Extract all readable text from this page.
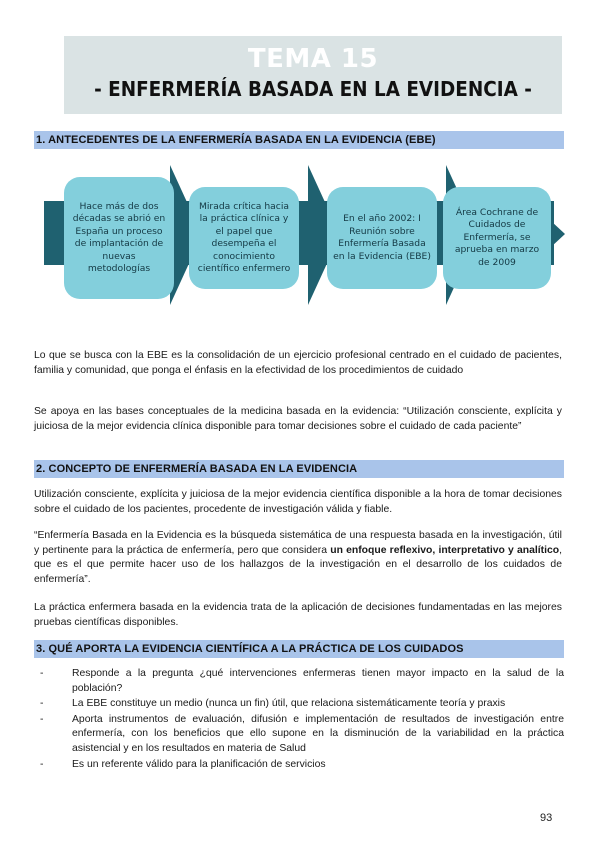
TEMA 15
- ENFERMERÍA BASADA EN LA EVIDENCIA -
1. ANTECEDENTES DE LA ENFERMERÍA BASADA EN LA EVIDENCIA (EBE)
Hace más de dos décadas se abrió en España un proceso de implantación de nuevas metodologías
Mirada crítica hacia la práctica clínica y el papel que desempeña el conocimiento científico enfermero
En el año 2002: I Reunión sobre Enfermería Basada en la Evidencia (EBE)
Área Cochrane de Cuidados de Enfermería, se aprueba en marzo de 2009

Lo que se busca con la EBE es la consolidación de un ejercicio profesional centrado en el cuidado de pacientes, familia y comunidad, que ponga el énfasis en la efectividad de los procedimientos de cuidado

Se apoya en las bases conceptuales de la medicina basada en la evidencia: “Utilización consciente, explícita y juiciosa de la mejor evidencia clínica disponible para tomar decisiones sobre el cuidado de cada paciente”

2. CONCEPTO DE ENFERMERÍA BASADA EN LA EVIDENCIA

Utilización consciente, explícita y juiciosa de la mejor evidencia científica disponible a la hora de tomar decisiones sobre el cuidado de los pacientes, procedente de investigación válida y fiable.

“Enfermería Basada en la Evidencia es la búsqueda sistemática de una respuesta basada en la investigación, útil y pertinente para la práctica de enfermería, pero que considera un enfoque reflexivo, interpretativo y analítico, que es el que permite hacer uso de los hallazgos de la investigación en el desarrollo de los cuidados de enfermería”.

La práctica enfermera basada en la evidencia trata de la aplicación de decisiones fundamentadas en las mejores pruebas científicas disponibles.

3. QUÉ APORTA LA EVIDENCIA CIENTÍFICA A LA PRÁCTICA DE LOS CUIDADOS
-	Responde a la pregunta ¿qué intervenciones enfermeras tienen mayor impacto en la salud de la población?
-	La EBE constituye un medio (nunca un fin) útil, que relaciona sistemáticamente teoría y praxis
-	Aporta instrumentos de evaluación, difusión e implementación de resultados de investigación entre enfermería, con los beneficios que ello supone en la disminución de la variabilidad en la práctica asistencial y en los resultados en materia de Salud
-	Es un referente válido para la planificación de servicios
93
